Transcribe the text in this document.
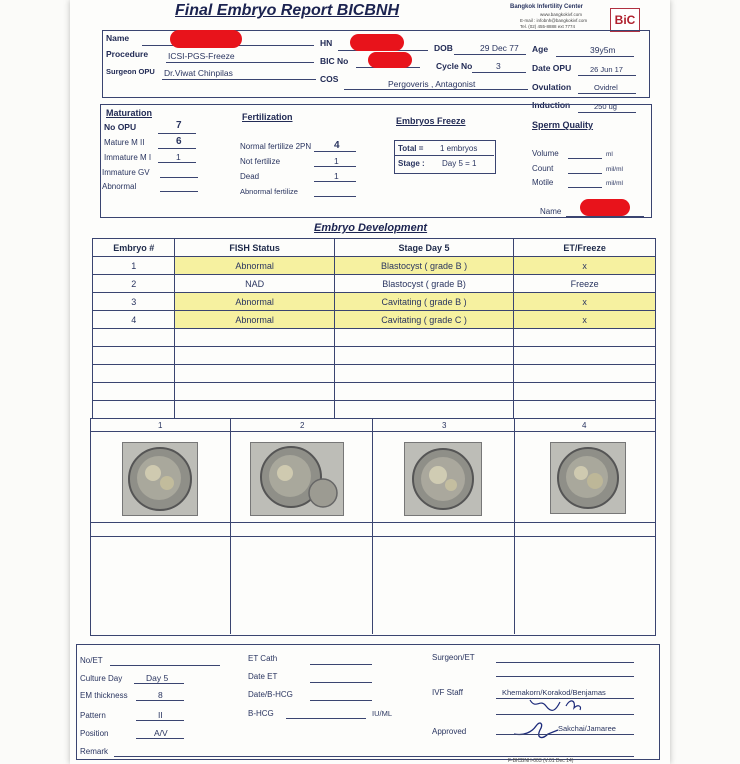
Final Embryo Report BICBNH	Bangkok Infertility Center
www.bangkokivf.com
E-mail : infobnh@bangkokivf.com
Tel. (02) 455-8888 ext 7774	BiC
Name	HN	DOB	29 Dec 77 Age	39y5m
Procedure ICSI-PGS-Freeze	BIC No	Cycle No	3	Date OPU	26 Jun 17
Surgeon OPU Dr.Viwat Chinpilas
COS	Pergoveris , Antagonist	Ovulation	Ovidrel
Induction	250 ug
Maturation
No OPU	7
Mature M II	6
Immature M I	1
Immature GV
Abnormal
Fertilization
Normal fertilize 2PN 4
Not fertilize	1
Dead	1
Abnormal fertilize
Embryos Freeze
Total = 1 embryos
Stage : Day 5 = 1
Sperm Quality
Volume	ml
Count	mil/ml
Motile	mil/ml
Name
Embryo Development
Embryo #	FISH Status	Stage Day 5	ET/Freeze
1	Abnormal	Blastocyst ( grade B )	x
2	NAD	Blastocyst ( grade B)	Freeze
3	Abnormal	Cavitating ( grade B )	x
4	Abnormal	Cavitating ( grade C )	x

1	2	3	4
No/ET
Culture Day	Day 5
EM thickness	8
Pattern	II
Position	A/V
Remark
ET Cath
Date ET
Date/B-HCG
B-HCG	IU/ML
Surgeon/ET
IVF Staff	Khemakorn/Korakod/Benjamas
Approved	Sakchai/Jamaree
F-BICBNH-003 (V.01 Dec 14)
